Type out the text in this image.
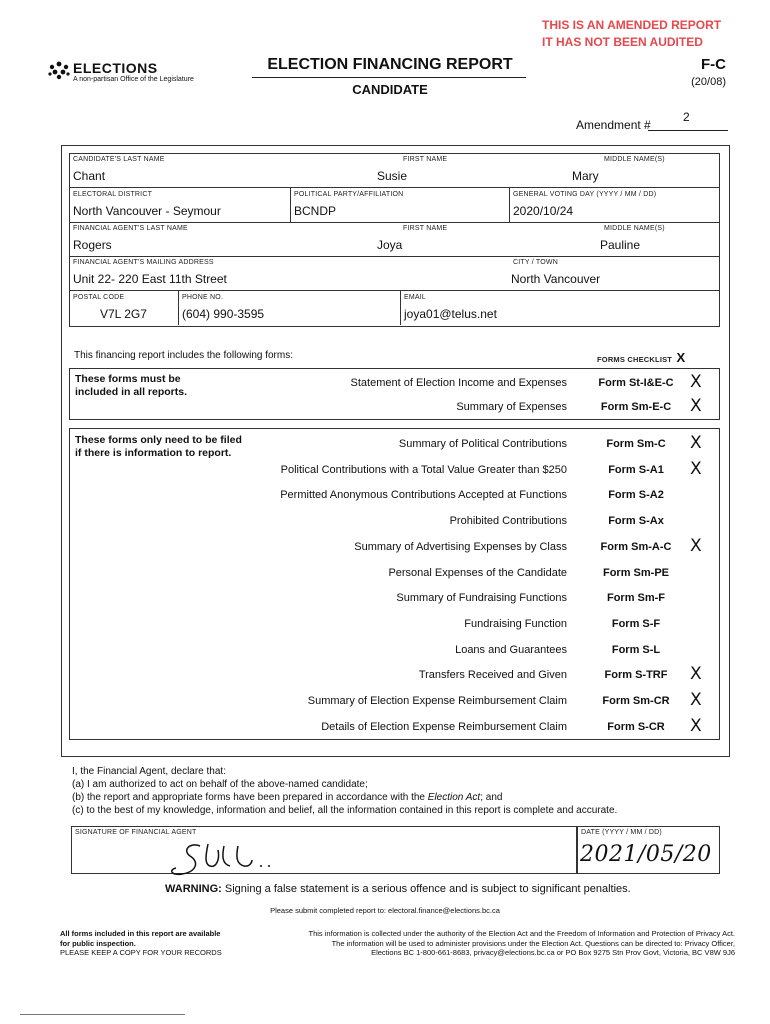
THIS IS AN AMENDED REPORT
IT HAS NOT BEEN AUDITED
ELECTIONS
A non-partisan Office of the Legislature
ELECTION FINANCING REPORT
CANDIDATE
F-C
(20/08)
Amendment #
2
CANDIDATE'S LAST NAME
Chant
FIRST NAME
Susie
MIDDLE NAME(S)
Mary
ELECTORAL DISTRICT
North Vancouver - Seymour
POLITICAL PARTY/AFFILIATION
BCNDP
GENERAL VOTING DAY (YYYY / MM / DD)
2020/10/24
FINANCIAL AGENT'S LAST NAME
Rogers
FIRST NAME
Joya
MIDDLE NAME(S)
Pauline
FINANCIAL AGENT'S MAILING ADDRESS
Unit 22- 220 East 11th Street
CITY / TOWN
North Vancouver
POSTAL CODE
V7L 2G7
PHONE NO.
(604) 990-3595
EMAIL
joya01@telus.net
This financing report includes the following forms:	FORMS CHECKLIST X
These forms must be
included in all reports.
Statement of Election Income and Expenses	Form St-I&E-C X
Summary of Expenses	Form Sm-E-C X
These forms only need to be filed
if there is information to report.
Summary of Political Contributions	Form Sm-C	X
Political Contributions with a Total Value Greater than $250	Form S-A1	X
Permitted Anonymous Contributions Accepted at Functions	Form S-A2
Prohibited Contributions	Form S-Ax
Summary of Advertising Expenses by Class	Form Sm-A-C X
Personal Expenses of the Candidate	Form Sm-PE
Summary of Fundraising Functions	Form Sm-F
Fundraising Function	Form S-F
Loans and Guarantees	Form S-L
Transfers Received and Given	Form S-TRF	X
Summary of Election Expense Reimbursement Claim	Form Sm-CR X
Details of Election Expense Reimbursement Claim	Form S-CR	X
I, the Financial Agent, declare that:
(a) I am authorized to act on behalf of the above-named candidate;
(b) the report and appropriate forms have been prepared in accordance with the Election Act; and
(c) to the best of my knowledge, information and belief, all the information contained in this report is complete and accurate.
SIGNATURE OF FINANCIAL AGENT	DATE (YYYY / MM / DD)
2021/05/20
WARNING: Signing a false statement is a serious offence and is subject to significant penalties.
Please submit completed report to: electoral.finance@elections.bc.ca
All forms included in this report are available
for public inspection.
PLEASE KEEP A COPY FOR YOUR RECORDS
This information is collected under the authority of the Election Act and the Freedom of Information and Protection of Privacy Act.
The information will be used to administer provisions under the Election Act. Questions can be directed to: Privacy Officer,
Elections BC 1-800-661-8683, privacy@elections.bc.ca or PO Box 9275 Stn Prov Govt, Victoria, BC V8W 9J6
